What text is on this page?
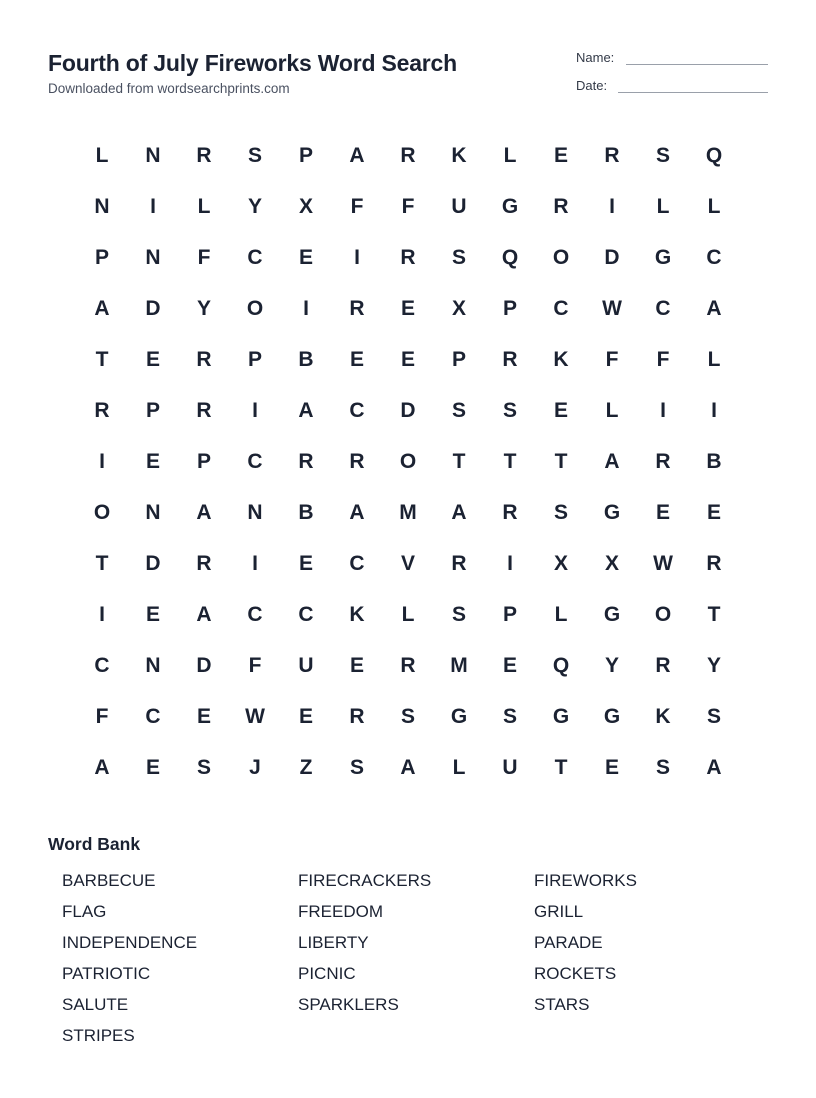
Fourth of July Fireworks Word Search
Downloaded from wordsearchprints.com
Name:
Date:
L	N	R	S	P	A	R	K	L	E	R	S	Q
N	I	L	Y	X	F	F	U	G	R	I	L	L
P	N	F	C	E	I	R	S	Q	O	D	G	C
A	D	Y	O	I	R	E	X	P	C	W	C	A
T	E	R	P	B	E	E	P	R	K	F	F	L
R	P	R	I	A	C	D	S	S	E	L	I	I
I	E	P	C	R	R	O	T	T	T	A	R	B
O	N	A	N	B	A	M	A	R	S	G	E	E
T	D	R	I	E	C	V	R	I	X	X	W	R
I	E	A	C	C	K	L	S	P	L	G	O	T
C	N	D	F	U	E	R	M	E	Q	Y	R	Y
F	C	E	W	E	R	S	G	S	G	G	K	S
A	E	S	J	Z	S	A	L	U	T	E	S	A
Word Bank
BARBECUE	FIRECRACKERS	FIREWORKS
FLAG	FREEDOM	GRILL
INDEPENDENCE	LIBERTY	PARADE
PATRIOTIC	PICNIC	ROCKETS
SALUTE	SPARKLERS	STARS
STRIPES
